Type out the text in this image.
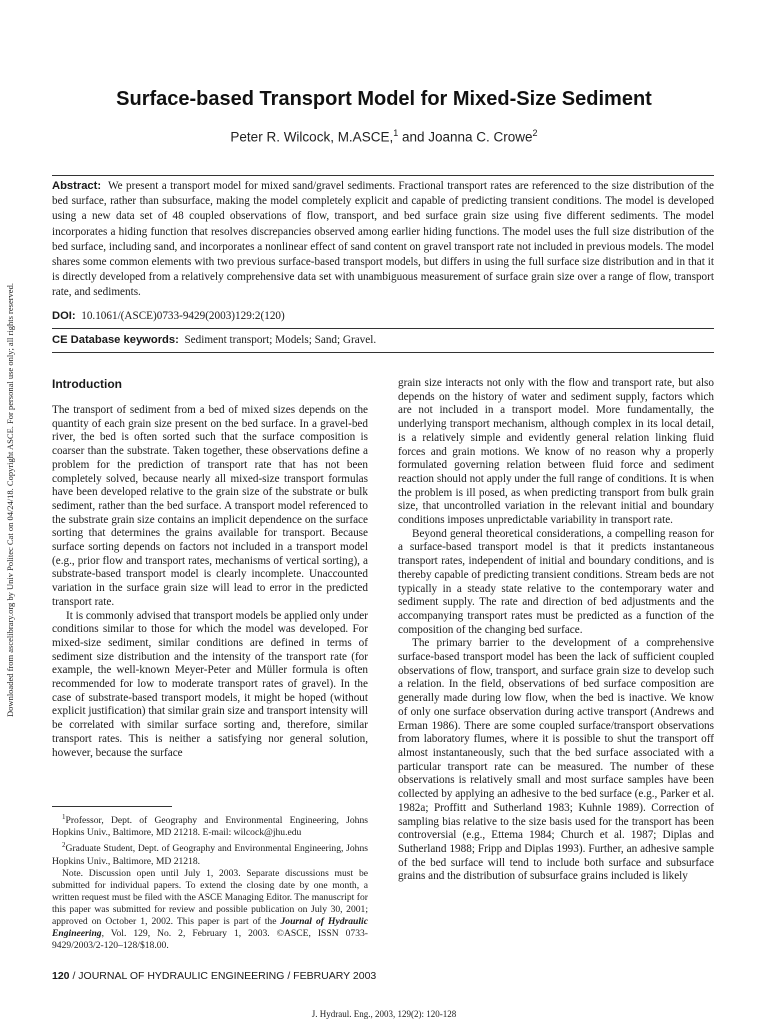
Downloaded from ascelibrary.org by Univ Politec Cat on 04/24/18. Copyright ASCE. For personal use only; all rights reserved.
Surface-based Transport Model for Mixed-Size Sediment
Peter R. Wilcock, M.ASCE,$^1$ and Joanna C. Crowe$^2$

Abstract: We present a transport model for mixed sand/gravel sediments. Fractional transport rates are referenced to the size distribution of the bed surface, rather than subsurface, making the model completely explicit and capable of predicting transient conditions. The model is developed using a new data set of 48 coupled observations of flow, transport, and bed surface grain size using five different sediments. The model incorporates a hiding function that resolves discrepancies observed among earlier hiding functions. The model uses the full size distribution of the bed surface, including sand, and incorporates a nonlinear effect of sand content on gravel transport rate not included in previous models. The model shares some common elements with two previous surface-based transport models, but differs in using the full surface size distribution and in that it is directly developed from a relatively comprehensive data set with unambiguous measurement of surface grain size over a range of flow, transport rate, and sediments.

DOI: 10.1061/(ASCE)0733-9429(2003)129:2(120)

CE Database keywords: Sediment transport; Models; Sand; Gravel.

Introduction

The transport of sediment from a bed of mixed sizes depends on the quantity of each grain size present on the bed surface. In a gravel-bed river, the bed is often sorted such that the surface composition is coarser than the substrate. Taken together, these observations define a problem for the prediction of transport rate that has not been completely solved, because nearly all mixed-size transport formulas have been developed relative to the grain size of the substrate or bulk sediment, rather than the bed surface. A transport model referenced to the substrate grain size contains an implicit dependence on the surface sorting that determines the grains available for transport. Because surface sorting depends on factors not included in a transport model (e.g., prior flow and transport rates, mechanisms of vertical sorting), a substrate-based transport model is clearly incomplete. Unaccounted variation in the surface grain size will lead to error in the predicted transport rate.

It is commonly advised that transport models be applied only under conditions similar to those for which the model was developed. For mixed-size sediment, similar conditions are defined in terms of sediment size distribution and the intensity of the transport rate (for example, the well-known Meyer-Peter and Müller formula is often recommended for low to moderate transport rates of gravel). In the case of substrate-based transport models, it might be hoped (without explicit justification) that similar grain size and transport intensity will be correlated with similar surface sorting and, therefore, similar transport rates. This is neither a satisfying nor general solution, however, because the surface

grain size interacts not only with the flow and transport rate, but also depends on the history of water and sediment supply, factors which are not included in a transport model. More fundamentally, the underlying transport mechanism, although complex in its local detail, is a relatively simple and evidently general relation linking fluid forces and grain motions. We know of no reason why a properly formulated governing relation between fluid force and sediment reaction should not apply under the full range of conditions. It is when the problem is ill posed, as when predicting transport from bulk grain size, that uncontrolled variation in the relevant initial and boundary conditions imposes unpredictable variability in transport rate.

Beyond general theoretical considerations, a compelling reason for a surface-based transport model is that it predicts instantaneous transport rates, independent of initial and boundary conditions, and is thereby capable of predicting transient conditions. Stream beds are not typically in a steady state relative to the contemporary water and sediment supply. The rate and direction of bed adjustments and the accompanying transport rates must be predicted as a function of the composition of the changing bed surface.

The primary barrier to the development of a comprehensive surface-based transport model has been the lack of sufficient coupled observations of flow, transport, and surface grain size to develop such a relation. In the field, observations of bed surface composition are generally made during low flow, when the bed is inactive. We know of only one surface observation during active transport (Andrews and Erman 1986). There are some coupled surface/transport observations from laboratory flumes, where it is possible to shut the transport off almost instantaneously, such that the bed surface associated with a particular transport rate can be measured. The number of these observations is relatively small and most surface samples have been collected by applying an adhesive to the bed surface (e.g., Parker et al. 1982a; Proffitt and Sutherland 1983; Kuhnle 1989). Correction of sampling bias relative to the size basis used for the transport has been controversial (e.g., Ettema 1984; Church et al. 1987; Diplas and Sutherland 1988; Fripp and Diplas 1993). Further, an adhesive sample of the bed surface will tend to include both surface and subsurface grains and the distribution of subsurface grains included is likely

$^1$Professor, Dept. of Geography and Environmental Engineering, Johns Hopkins Univ., Baltimore, MD 21218. E-mail: wilcock@jhu.edu

$^2$Graduate Student, Dept. of Geography and Environmental Engineering, Johns Hopkins Univ., Baltimore, MD 21218.

Note. Discussion open until July 1, 2003. Separate discussions must be submitted for individual papers. To extend the closing date by one month, a written request must be filed with the ASCE Managing Editor. The manuscript for this paper was submitted for review and possible publication on July 30, 2001; approved on October 1, 2002. This paper is part of the Journal of Hydraulic Engineering, Vol. 129, No. 2, February 1, 2003. ©ASCE, ISSN 0733-9429/2003/2-120–128/$18.00.

120 / JOURNAL OF HYDRAULIC ENGINEERING / FEBRUARY 2003
J. Hydraul. Eng., 2003, 129(2): 120-128
